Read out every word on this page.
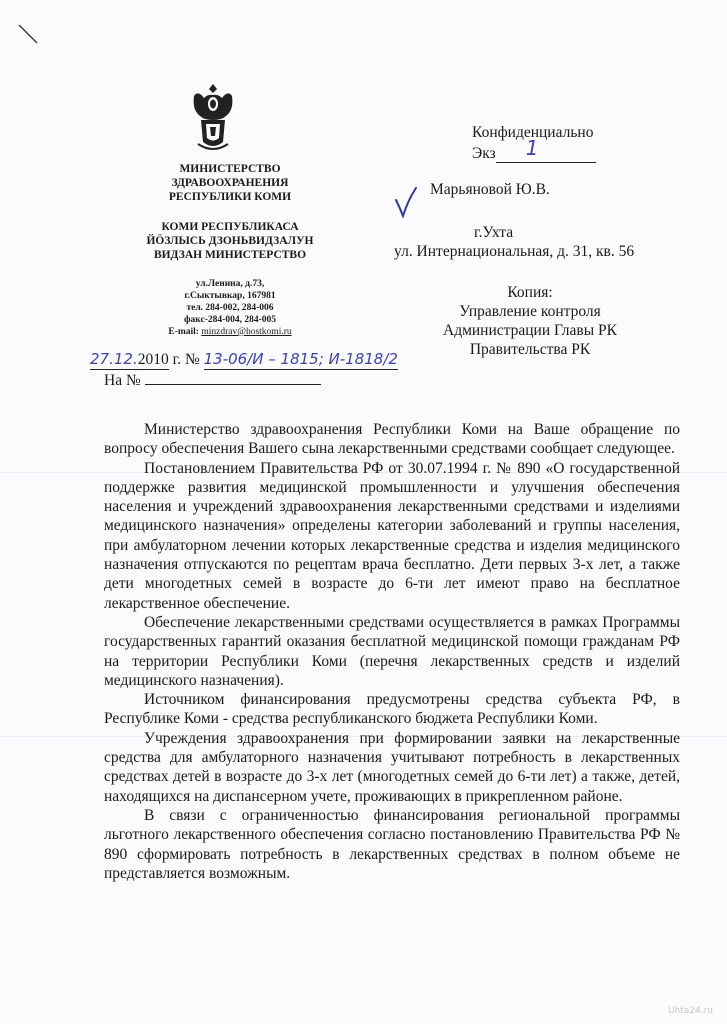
МИНИСТЕРСТВО
ЗДРАВООХРАНЕНИЯ
РЕСПУБЛИКИ КОМИ
КОМИ РЕСПУБЛИКАСА
ЙÖЗЛЫСЬ ДЗОНЬВИДЗАЛУН
ВИДЗАН МИНИСТЕРСТВО
ул.Ленина, д.73,
г.Сыктывкар, 167981
тел. 284-002, 284-006
факс-284-004, 284-005
E-mail: minzdrav@hostkomi.ru
Конфиденциально
Экз 1
Марьяновой Ю.В.
г.Ухта
ул. Интернациональная, д. 31, кв. 56
Копия:
Управление контроля
Администрации Главы РК
Правительства РК
27.12.2010 г. № 13-06/И – 1815; И-1818/2
На №

Министерство здравоохранения Республики Коми на Ваше обращение по вопросу обеспечения Вашего сына лекарственными средствами сообщает следующее.

Постановлением Правительства РФ от 30.07.1994 г. № 890 «О государственной поддержке развития медицинской промышленности и улучшения обеспечения населения и учреждений здравоохранения лекарственными средствами и изделиями медицинского назначения» определены категории заболеваний и группы населения, при амбулаторном лечении которых лекарственные средства и изделия медицинского назначения отпускаются по рецептам врача бесплатно. Дети первых 3-х лет, а также дети многодетных семей в возрасте до 6-ти лет имеют право на бесплатное лекарственное обеспечение.

Обеспечение лекарственными средствами осуществляется в рамках Программы государственных гарантий оказания бесплатной медицинской помощи гражданам РФ на территории Республики Коми (перечня лекарственных средств и изделий медицинского назначения).

Источником финансирования предусмотрены средства субъекта РФ, в Республике Коми - средства республиканского бюджета Республики Коми.

Учреждения здравоохранения при формировании заявки на лекарственные средства для амбулаторного назначения учитывают потребность в лекарственных средствах детей в возрасте до 3-х лет (многодетных семей до 6-ти лет) а также, детей, находящихся на диспансерном учете, проживающих в прикрепленном районе.

В связи с ограниченностью финансирования региональной программы льготного лекарственного обеспечения согласно постановлению Правительства РФ № 890 сформировать потребность в лекарственных средствах в полном объеме не представляется возможным.

Uhta24.ru
